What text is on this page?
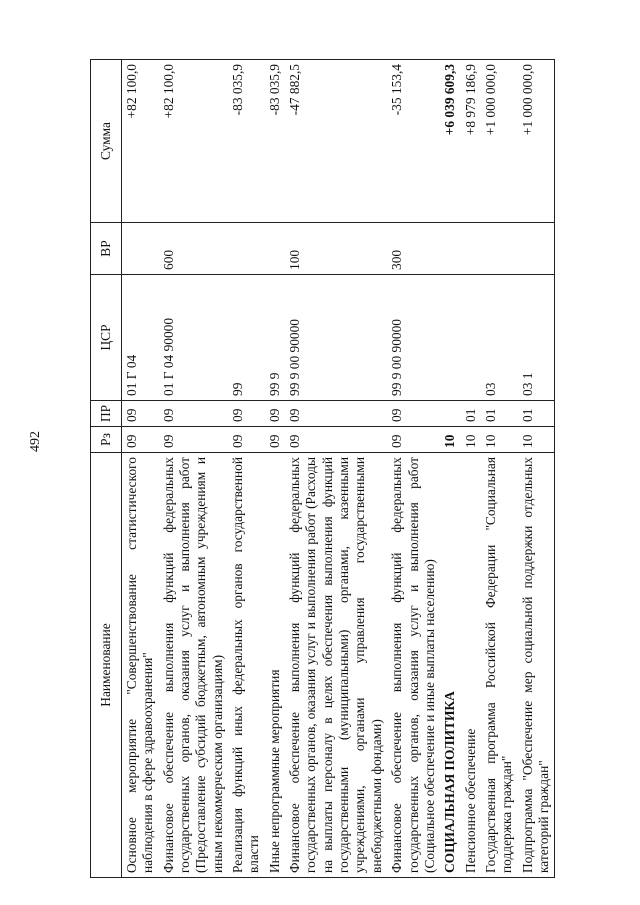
492
Наименование	Рз	ПР	ЦСР	ВР	Сумма
Основное мероприятие "Совершенствование статистического наблюдения в сфере здравоохранения"	09	09	01 Г 04		+82 100,0
Финансовое обеспечение выполнения функций федеральных государственных органов, оказания услуг и выполнения работ (Предоставление субсидий бюджетным, автономным учреждениям и иным некоммерческим организациям)	09	09	01 Г 04 90000	600	+82 100,0
Реализация функций иных федеральных органов государственной власти	09	09	99		-83 035,9
Иные непрограммные мероприятия	09	09	99 9		-83 035,9
Финансовое обеспечение выполнения функций федеральных государственных органов, оказания услуг и выполнения работ (Расходы на выплаты персоналу в целях обеспечения выполнения функций государственными (муниципальными) органами, казенными учреждениями, органами управления государственными внебюджетными фондами)	09	09	99 9 00 90000	100	-47 882,5
Финансовое обеспечение выполнения функций федеральных государственных органов, оказания услуг и выполнения работ (Социальное обеспечение и иные выплаты населению)	09	09	99 9 00 90000	300	-35 153,4
СОЦИАЛЬНАЯ ПОЛИТИКА	10				+6 039 609,3
Пенсионное обеспечение	10	01			+8 979 186,9
Государственная программа Российской Федерации "Социальная поддержка граждан"	10	01	03		+1 000 000,0
Подпрограмма "Обеспечение мер социальной поддержки отдельных категорий граждан"	10	01	03 1		+1 000 000,0
